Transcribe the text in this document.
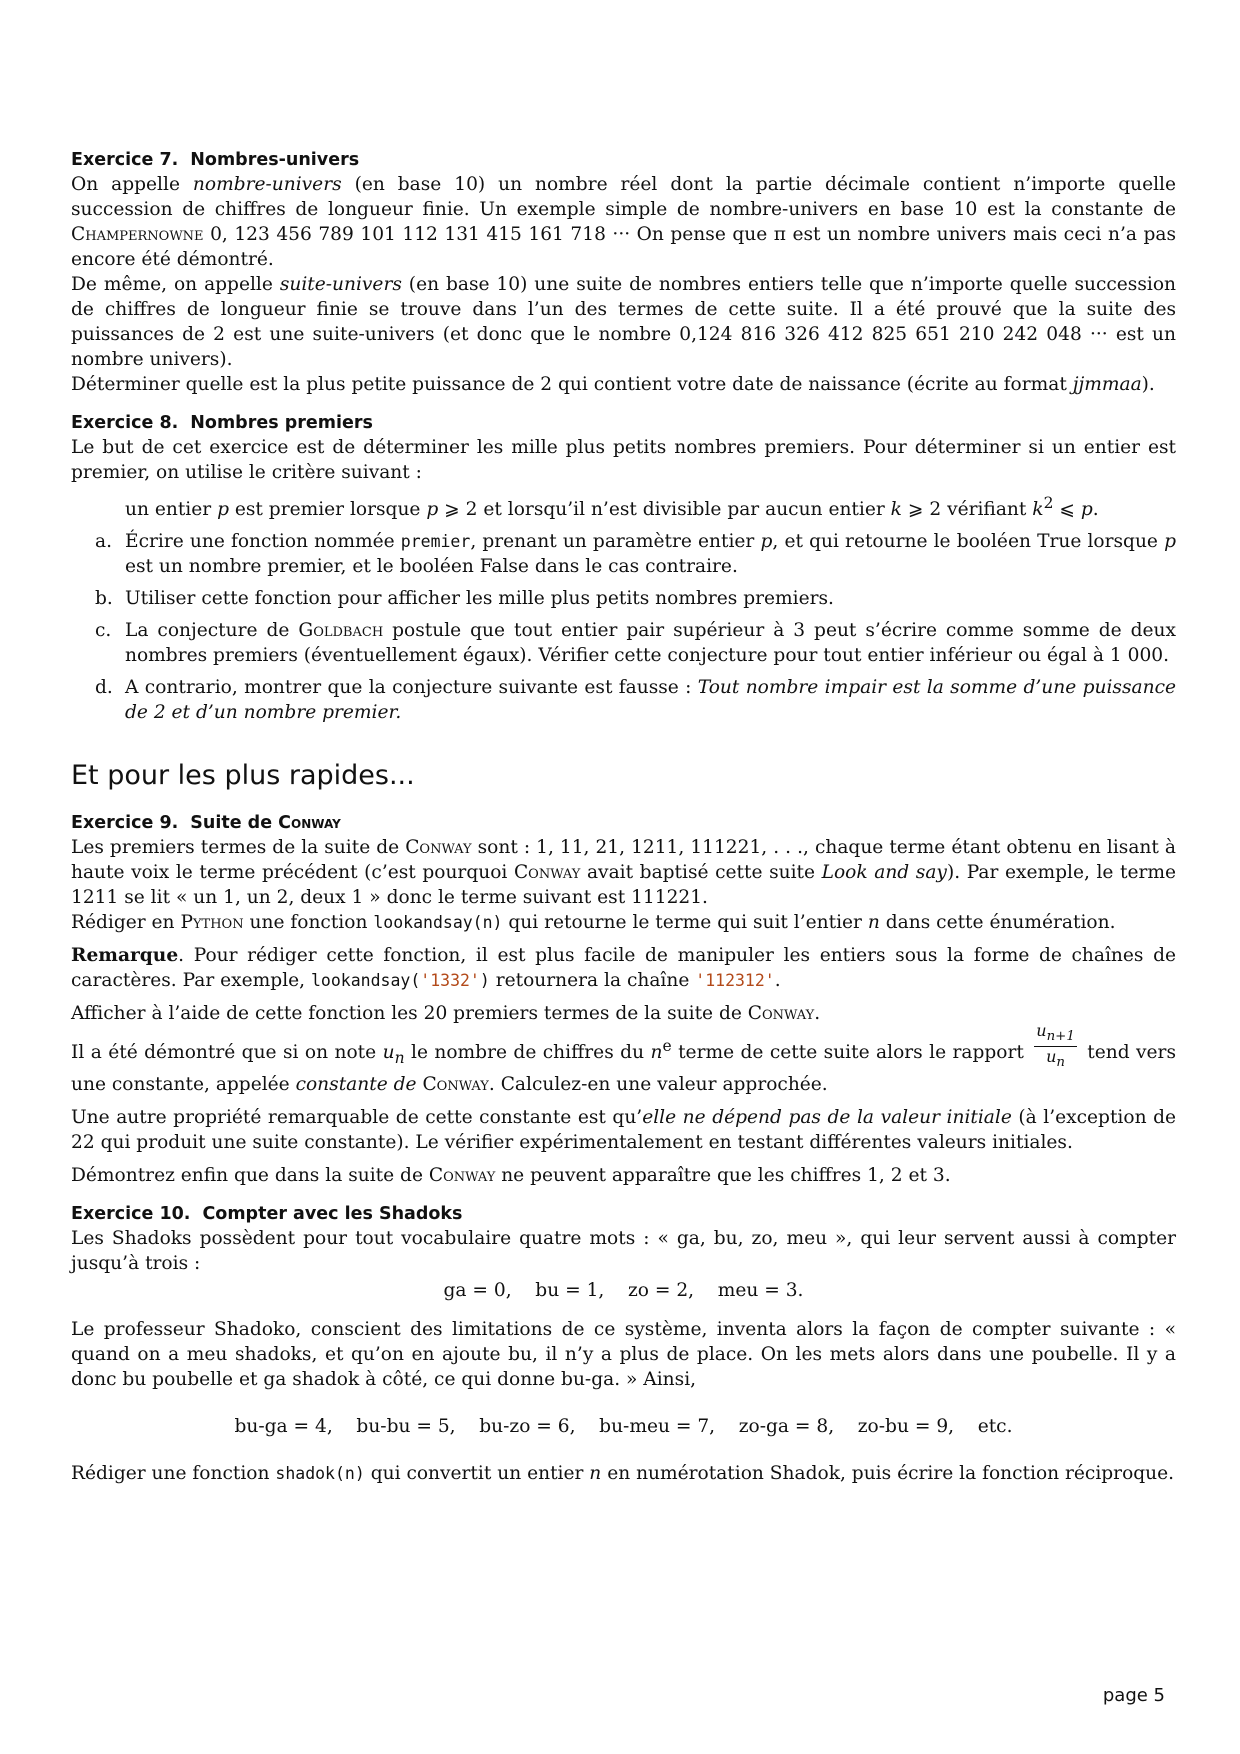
Exercice 7. Nombres-univers

On appelle nombre-univers (en base 10) un nombre réel dont la partie décimale contient n’importe quelle succession de chiffres de longueur finie. Un exemple simple de nombre-univers en base 10 est la constante de Champernowne 0, 123 456 789 101 112 131 415 161 718 ··· On pense que π est un nombre univers mais ceci n’a pas encore été démontré.

De même, on appelle suite-univers (en base 10) une suite de nombres entiers telle que n’importe quelle succession de chiffres de longueur finie se trouve dans l’un des termes de cette suite. Il a été prouvé que la suite des puissances de 2 est une suite-univers (et donc que le nombre 0,124 816 326 412 825 651 210 242 048 ··· est un nombre univers).

Déterminer quelle est la plus petite puissance de 2 qui contient votre date de naissance (écrite au format jjmmaa).

Exercice 8. Nombres premiers

Le but de cet exercice est de déterminer les mille plus petits nombres premiers. Pour déterminer si un entier est premier, on utilise le critère suivant :

un entier p est premier lorsque p ⩾ 2 et lorsqu’il n’est divisible par aucun entier k ⩾ 2 vérifiant $k^2$ ⩽ p.

a. Écrire une fonction nommée premier, prenant un paramètre entier p, et qui retourne le booléen True lorsque p est un nombre premier, et le booléen False dans le cas contraire.
b. Utiliser cette fonction pour afficher les mille plus petits nombres premiers.
c. La conjecture de Goldbach postule que tout entier pair supérieur à 3 peut s’écrire comme somme de deux nombres premiers (éventuellement égaux). Vérifier cette conjecture pour tout entier inférieur ou égal à 1 000.
d. A contrario, montrer que la conjecture suivante est fausse : Tout nombre impair est la somme d’une puissance de 2 et d’un nombre premier.
Et pour les plus rapides...
Exercice 9. Suite de Conway

Les premiers termes de la suite de Conway sont : 1, 11, 21, 1211, 111221, . . ., chaque terme étant obtenu en lisant à haute voix le terme précédent (c’est pourquoi Conway avait baptisé cette suite Look and say). Par exemple, le terme 1211 se lit « un 1, un 2, deux 1 » donc le terme suivant est 111221.

Rédiger en Python une fonction lookandsay(n) qui retourne le terme qui suit l’entier n dans cette énumération.

Remarque. Pour rédiger cette fonction, il est plus facile de manipuler les entiers sous la forme de chaînes de caractères. Par exemple, lookandsay('1332') retournera la chaîne '112312'.

Afficher à l’aide de cette fonction les 20 premiers termes de la suite de Conway.

Il a été démontré que si on note $u_n$ le nombre de chiffres du $n^e$ terme de cette suite alors le rapport $\frac{u_{n+1}}{u_n}$ tend vers une constante, appelée constante de Conway. Calculez-en une valeur approchée.

Une autre propriété remarquable de cette constante est qu’elle ne dépend pas de la valeur initiale (à l’exception de 22 qui produit une suite constante). Le vérifier expérimentalement en testant différentes valeurs initiales.

Démontrez enfin que dans la suite de Conway ne peuvent apparaître que les chiffres 1, 2 et 3.

Exercice 10. Compter avec les Shadoks

Les Shadoks possèdent pour tout vocabulaire quatre mots : « ga, bu, zo, meu », qui leur servent aussi à compter jusqu’à trois :

ga = 0,    bu = 1,    zo = 2,    meu = 3.

Le professeur Shadoko, conscient des limitations de ce système, inventa alors la façon de compter suivante : « quand on a meu shadoks, et qu’on en ajoute bu, il n’y a plus de place. On les mets alors dans une poubelle. Il y a donc bu poubelle et ga shadok à côté, ce qui donne bu-ga. » Ainsi,

bu-ga = 4,    bu-bu = 5,    bu-zo = 6,    bu-meu = 7,    zo-ga = 8,    zo-bu = 9,    etc.

Rédiger une fonction shadok(n) qui convertit un entier n en numérotation Shadok, puis écrire la fonction réciproque.

page 5
